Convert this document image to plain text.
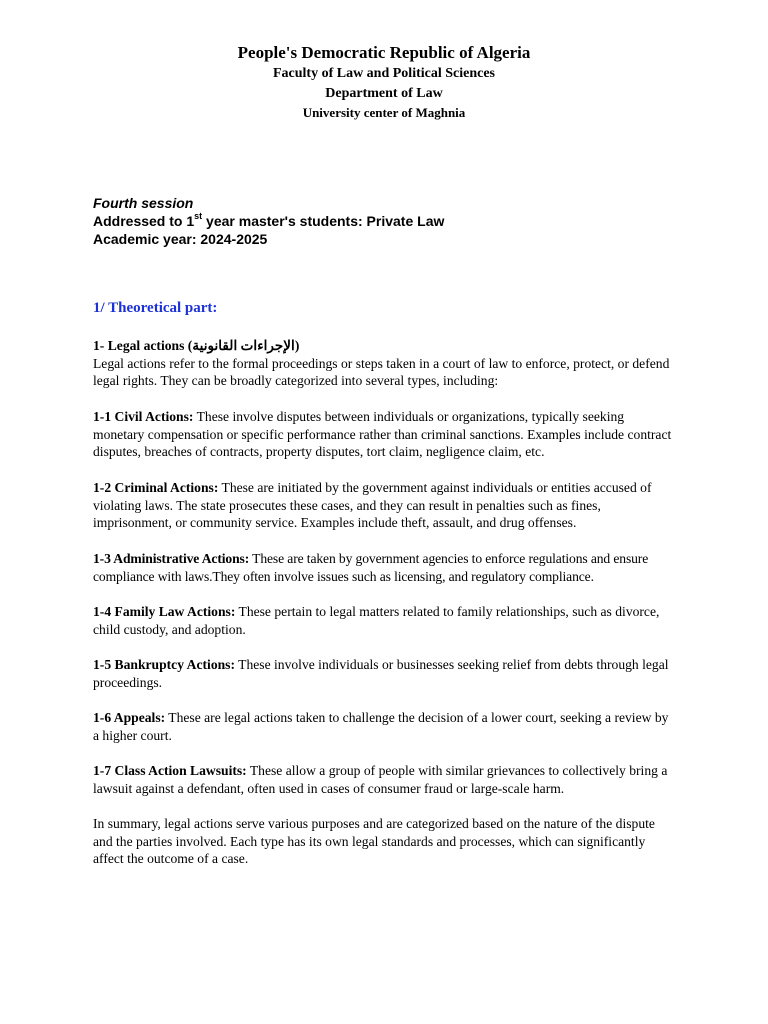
People's Democratic Republic of Algeria
Faculty of Law and Political Sciences
Department of Law
University center of Maghnia
Fourth session
Addressed to 1st year master's students: Private Law
Academic year: 2024-2025
1/ Theoretical part:
1- Legal actions (الإجراءات القانونية)
Legal actions refer to the formal proceedings or steps taken in a court of law to enforce, protect, or defend legal rights. They can be broadly categorized into several types, including:
1-1 Civil Actions: These involve disputes between individuals or organizations, typically seeking monetary compensation or specific performance rather than criminal sanctions. Examples include contract disputes, breaches of contracts, property disputes, tort claim, negligence claim, etc.
1-2 Criminal Actions: These are initiated by the government against individuals or entities accused of violating laws. The state prosecutes these cases, and they can result in penalties such as fines, imprisonment, or community service. Examples include theft, assault, and drug offenses.
1-3 Administrative Actions: These are taken by government agencies to enforce regulations and ensure compliance with laws.They often involve issues such as licensing, and regulatory compliance.
1-4 Family Law Actions: These pertain to legal matters related to family relationships, such as divorce, child custody, and adoption.
1-5 Bankruptcy Actions: These involve individuals or businesses seeking relief from debts through legal proceedings.
1-6 Appeals: These are legal actions taken to challenge the decision of a lower court, seeking a review by a higher court.
1-7 Class Action Lawsuits: These allow a group of people with similar grievances to collectively bring a lawsuit against a defendant, often used in cases of consumer fraud or large-scale harm.
In summary, legal actions serve various purposes and are categorized based on the nature of the dispute and the parties involved. Each type has its own legal standards and processes, which can significantly affect the outcome of a case.
